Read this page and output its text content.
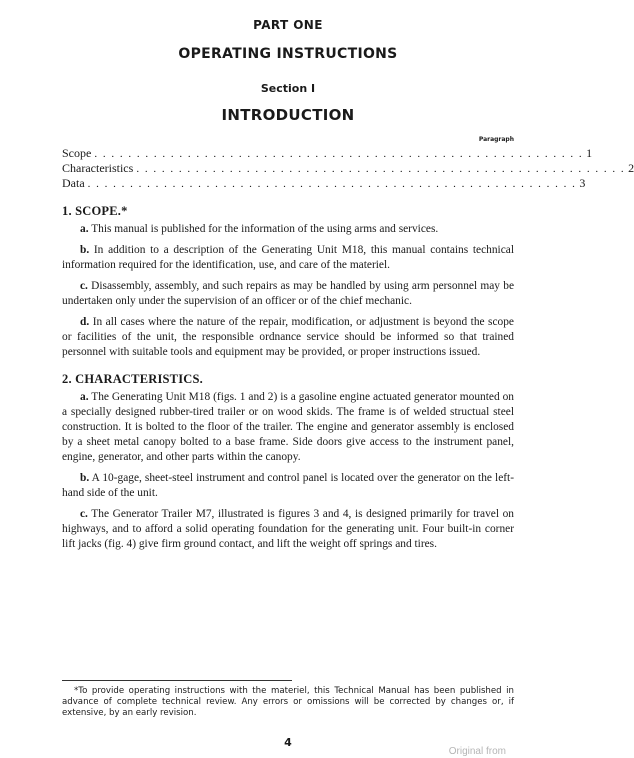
PART ONE
OPERATING INSTRUCTIONS
Section I
INTRODUCTION
Paragraph
Scope . . . . . . . . . . . . . . . . . . . . . . . . . . . . . . . . . . . . . . . . . . . . . . . . . . . . . . . . . . 1
Characteristics . . . . . . . . . . . . . . . . . . . . . . . . . . . . . . . . . . . . . . . . . . . . . . . . . . . . . . . . . . 2
Data . . . . . . . . . . . . . . . . . . . . . . . . . . . . . . . . . . . . . . . . . . . . . . . . . . . . . . . . . . 3
1. SCOPE.*

a. This manual is published for the information of the using arms and services.

b. In addition to a description of the Generating Unit M18, this manual contains technical information required for the identification, use, and care of the materiel.

c. Disassembly, assembly, and such repairs as may be handled by using arm personnel may be undertaken only under the supervision of an officer or of the chief mechanic.

d. In all cases where the nature of the repair, modification, or adjustment is beyond the scope or facilities of the unit, the responsible ordnance service should be informed so that trained personnel with suitable tools and equipment may be provided, or proper instructions issued.

2. CHARACTERISTICS.

a. The Generating Unit M18 (figs. 1 and 2) is a gasoline engine actuated generator mounted on a specially designed rubber-tired trailer or on wood skids. The frame is of welded structual steel construction. It is bolted to the floor of the trailer. The engine and generator assembly is enclosed by a sheet metal canopy bolted to a base frame. Side doors give access to the instrument panel, engine, generator, and other parts within the canopy.

b. A 10-gage, sheet-steel instrument and control panel is located over the generator on the left-hand side of the unit.

c. The Generator Trailer M7, illustrated is figures 3 and 4, is designed primarily for travel on highways, and to afford a solid operating foundation for the generating unit. Four built-in corner lift jacks (fig. 4) give firm ground contact, and lift the weight off springs and tires.

*To provide operating instructions with the materiel, this Technical Manual has been published in advance of complete technical review. Any errors or omissions will be corrected by changes or, if extensive, by an early revision.
4
Original from
